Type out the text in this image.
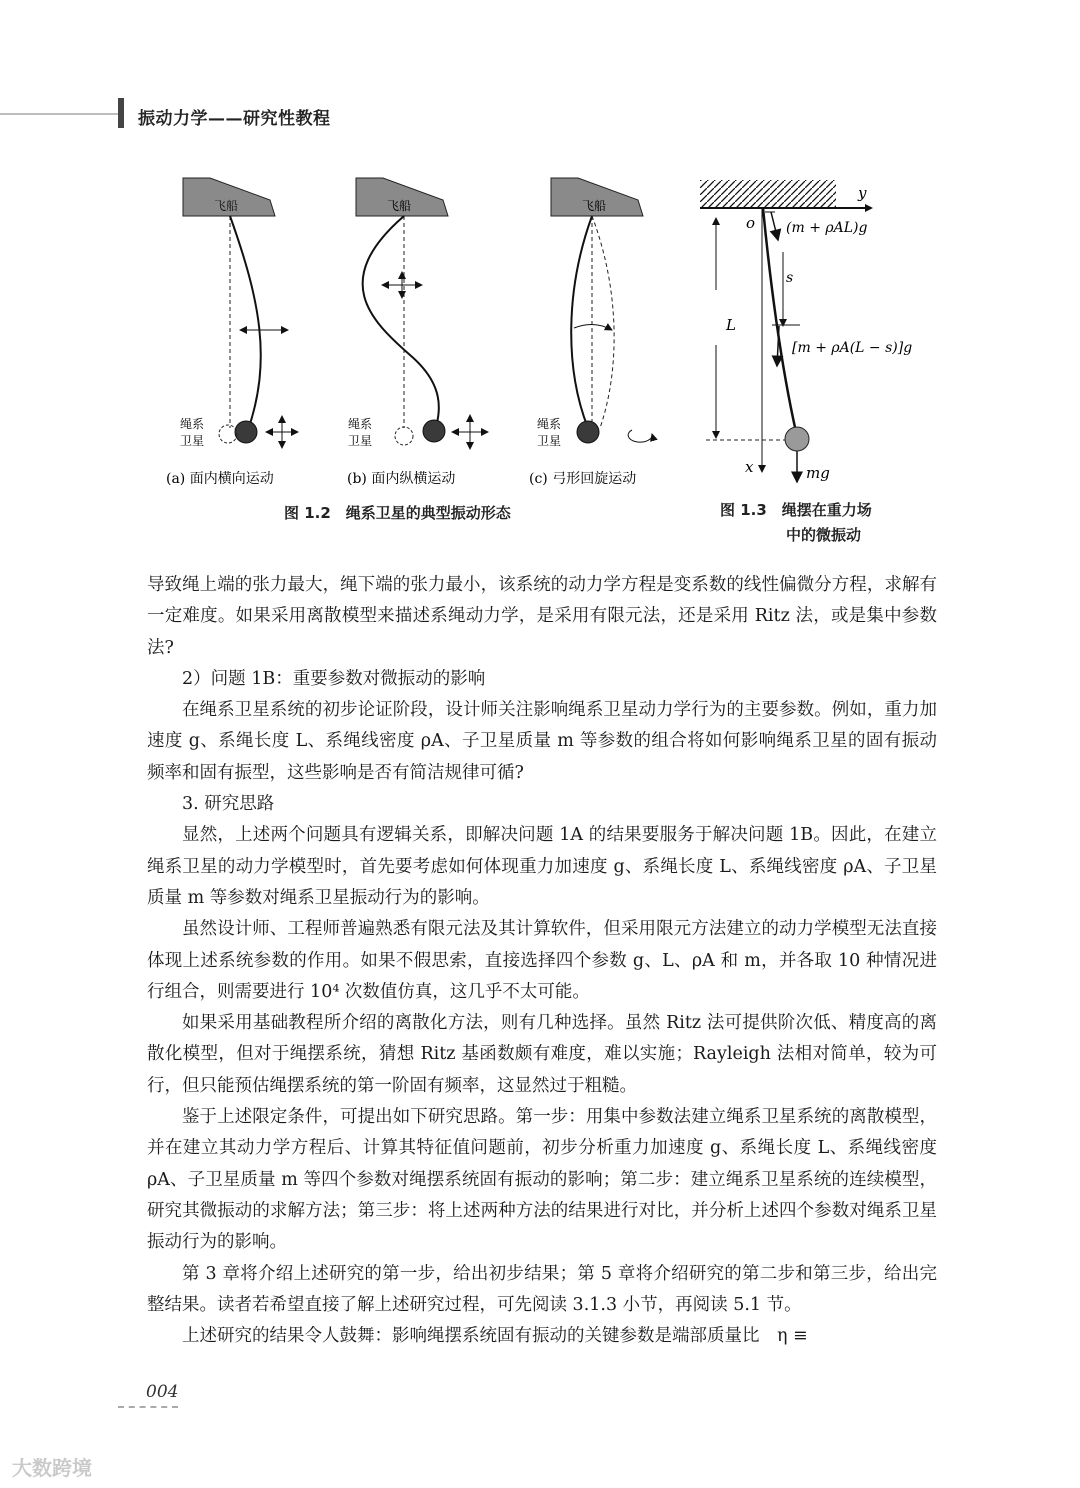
振动力学——研究性教程
飞船
绳系
卫星
(a) 面内横向运动
飞船
绳系
卫星
(b) 面内纵横运动
飞船
绳系
卫星
(c) 弓形回旋运动
y
o
x
(m + ρAL)g
s
[m + ρA(L − s)]g
L
mg
图 1.2　绳系卫星的典型振动形态	图 1.3　绳摆在重力场
中的微振动

导致绳上端的张力最大，绳下端的张力最小，该系统的动力学方程是变系数的线性偏微分方程，求解有一定难度。如果采用离散模型来描述系绳动力学，是采用有限元法，还是采用 Ritz 法，或是集中参数法?

2）问题 1B：重要参数对微振动的影响

在绳系卫星系统的初步论证阶段，设计师关注影响绳系卫星动力学行为的主要参数。例如，重力加速度 g、系绳长度 L、系绳线密度 ρA、子卫星质量 m 等参数的组合将如何影响绳系卫星的固有振动频率和固有振型，这些影响是否有简洁规律可循?

3. 研究思路

显然，上述两个问题具有逻辑关系，即解决问题 1A 的结果要服务于解决问题 1B。因此，在建立绳系卫星的动力学模型时，首先要考虑如何体现重力加速度 g、系绳长度 L、系绳线密度 ρA、子卫星质量 m 等参数对绳系卫星振动行为的影响。

虽然设计师、工程师普遍熟悉有限元法及其计算软件，但采用限元方法建立的动力学模型无法直接体现上述系统参数的作用。如果不假思索，直接选择四个参数 g、L、ρA 和 m，并各取 10 种情况进行组合，则需要进行 10⁴ 次数值仿真，这几乎不太可能。

如果采用基础教程所介绍的离散化方法，则有几种选择。虽然 Ritz 法可提供阶次低、精度高的离散化模型，但对于绳摆系统，猜想 Ritz 基函数颇有难度，难以实施；Rayleigh 法相对简单，较为可行，但只能预估绳摆系统的第一阶固有频率，这显然过于粗糙。

鉴于上述限定条件，可提出如下研究思路。第一步：用集中参数法建立绳系卫星系统的离散模型，并在建立其动力学方程后、计算其特征值问题前，初步分析重力加速度 g、系绳长度 L、系绳线密度 ρA、子卫星质量 m 等四个参数对绳摆系统固有振动的影响；第二步：建立绳系卫星系统的连续模型，研究其微振动的求解方法；第三步：将上述两种方法的结果进行对比，并分析上述四个参数对绳系卫星振动行为的影响。

第 3 章将介绍上述研究的第一步，给出初步结果；第 5 章将介绍研究的第二步和第三步，给出完整结果。读者若希望直接了解上述研究过程，可先阅读 3.1.3 小节，再阅读 5.1 节。

上述研究的结果令人鼓舞：影响绳摆系统固有振动的关键参数是端部质量比　η ≡

004
大数跨境
